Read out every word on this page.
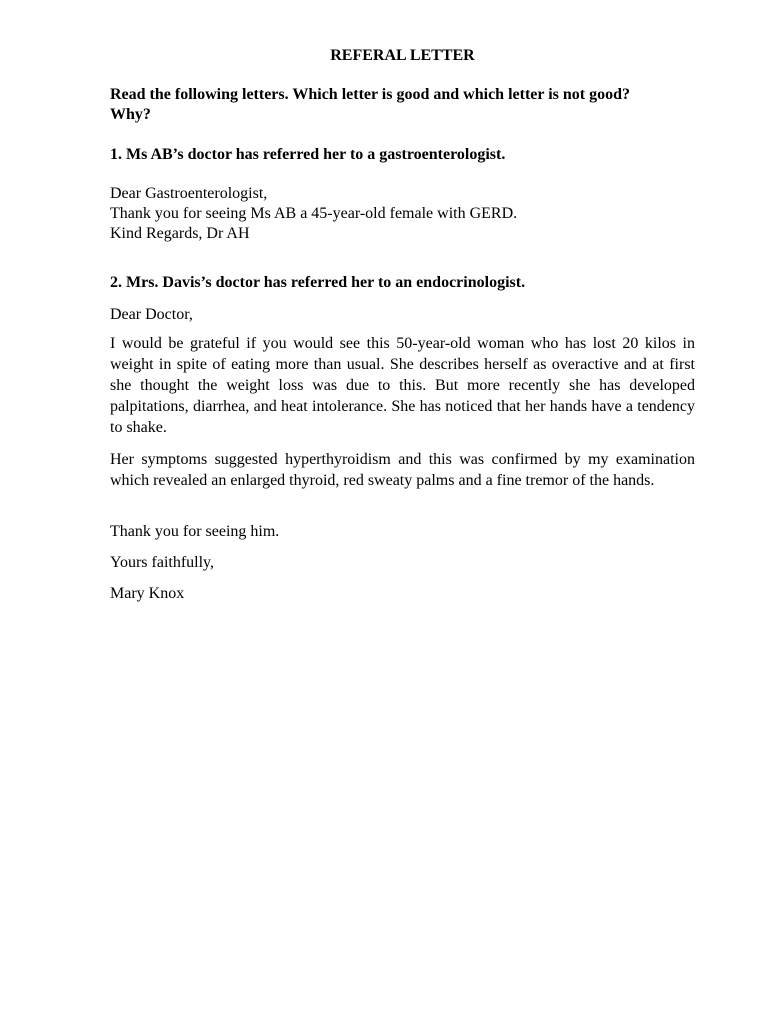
REFERAL LETTER
Read the following letters. Which letter is good and which letter is not good? Why?
1. Ms AB’s doctor has referred her to a gastroenterologist.
Dear Gastroenterologist,
Thank you for seeing Ms AB a 45-year-old female with GERD.
Kind Regards, Dr AH
2. Mrs. Davis’s doctor has referred her to an endocrinologist.
Dear Doctor,
I would be grateful if you would see this 50-year-old woman who has lost 20 kilos in weight in spite of eating more than usual. She describes herself as overactive and at first she thought the weight loss was due to this. But more recently she has developed palpitations, diarrhea, and heat intolerance. She has noticed that her hands have a tendency to shake.
Her symptoms suggested hyperthyroidism and this was confirmed by my examination which revealed an enlarged thyroid, red sweaty palms and a fine tremor of the hands.
Thank you for seeing him.
Yours faithfully,
Mary Knox
